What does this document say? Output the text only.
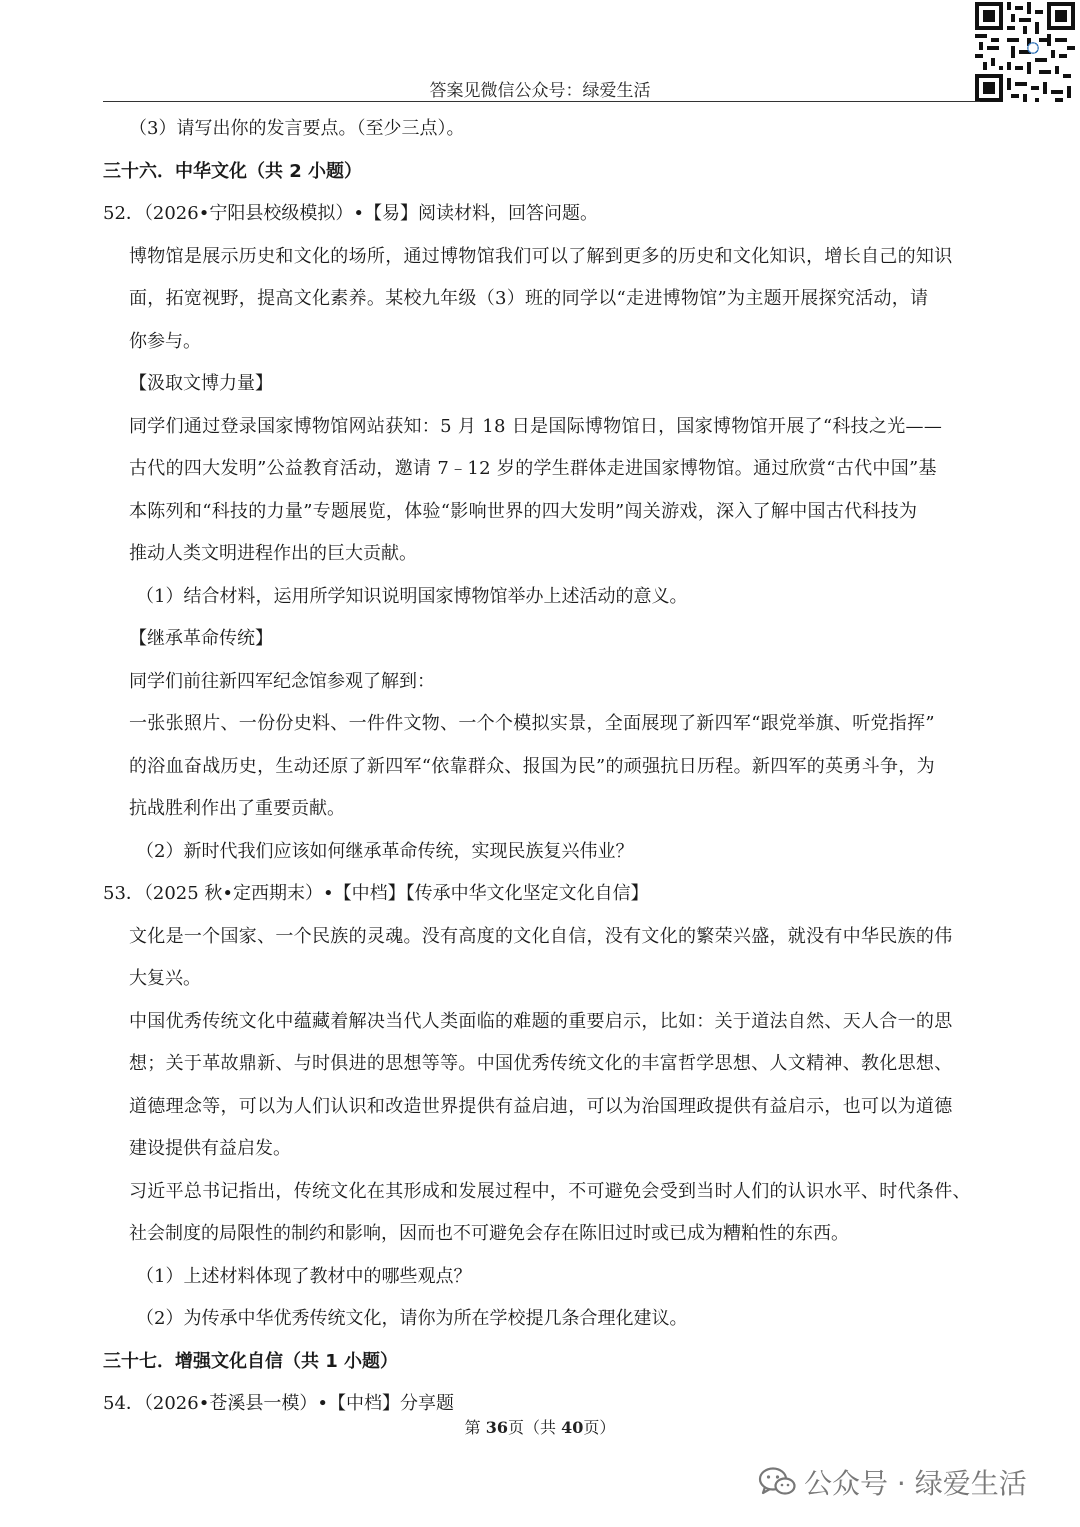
答案见微信公众号：绿爱生活
（3）请写出你的发言要点。（至少三点）。
三十六．中华文化（共 2 小题）
52．（2026•宁阳县校级模拟）•【易】阅读材料，回答问题。
博物馆是展示历史和文化的场所，通过博物馆我们可以了解到更多的历史和文化知识，增长自己的知识
面，拓宽视野，提高文化素养。某校九年级（3）班的同学以“走进博物馆”为主题开展探究活动，请
你参与。
【汲取文博力量】
同学们通过登录国家博物馆网站获知：5 月 18 日是国际博物馆日，国家博物馆开展了“科技之光——
古代的四大发明”公益教育活动，邀请 7﹣12 岁的学生群体走进国家博物馆。通过欣赏“古代中国”基
本陈列和“科技的力量”专题展览，体验“影响世界的四大发明”闯关游戏，深入了解中国古代科技为
推动人类文明进程作出的巨大贡献。
（1）结合材料，运用所学知识说明国家博物馆举办上述活动的意义。
【继承革命传统】
同学们前往新四军纪念馆参观了解到：
一张张照片、一份份史料、一件件文物、一个个模拟实景，全面展现了新四军“跟党举旗、听党指挥”
的浴血奋战历史，生动还原了新四军“依靠群众、报国为民”的顽强抗日历程。新四军的英勇斗争，为
抗战胜利作出了重要贡献。
（2）新时代我们应该如何继承革命传统，实现民族复兴伟业？
53．（2025 秋•定西期末）•【中档】【传承中华文化坚定文化自信】
文化是一个国家、一个民族的灵魂。没有高度的文化自信，没有文化的繁荣兴盛，就没有中华民族的伟
大复兴。
中国优秀传统文化中蕴藏着解决当代人类面临的难题的重要启示，比如：关于道法自然、天人合一的思
想；关于革故鼎新、与时俱进的思想等等。中国优秀传统文化的丰富哲学思想、人文精神、教化思想、
道德理念等，可以为人们认识和改造世界提供有益启迪，可以为治国理政提供有益启示，也可以为道德
建设提供有益启发。
习近平总书记指出，传统文化在其形成和发展过程中，不可避免会受到当时人们的认识水平、时代条件、
社会制度的局限性的制约和影响，因而也不可避免会存在陈旧过时或已成为糟粕性的东西。
（1）上述材料体现了教材中的哪些观点？
（2）为传承中华优秀传统文化，请你为所在学校提几条合理化建议。
三十七．增强文化自信（共 1 小题）
54．（2026•苍溪县一模）•【中档】分享题
第 36页（共 40页）
公众号 · 绿爱生活
